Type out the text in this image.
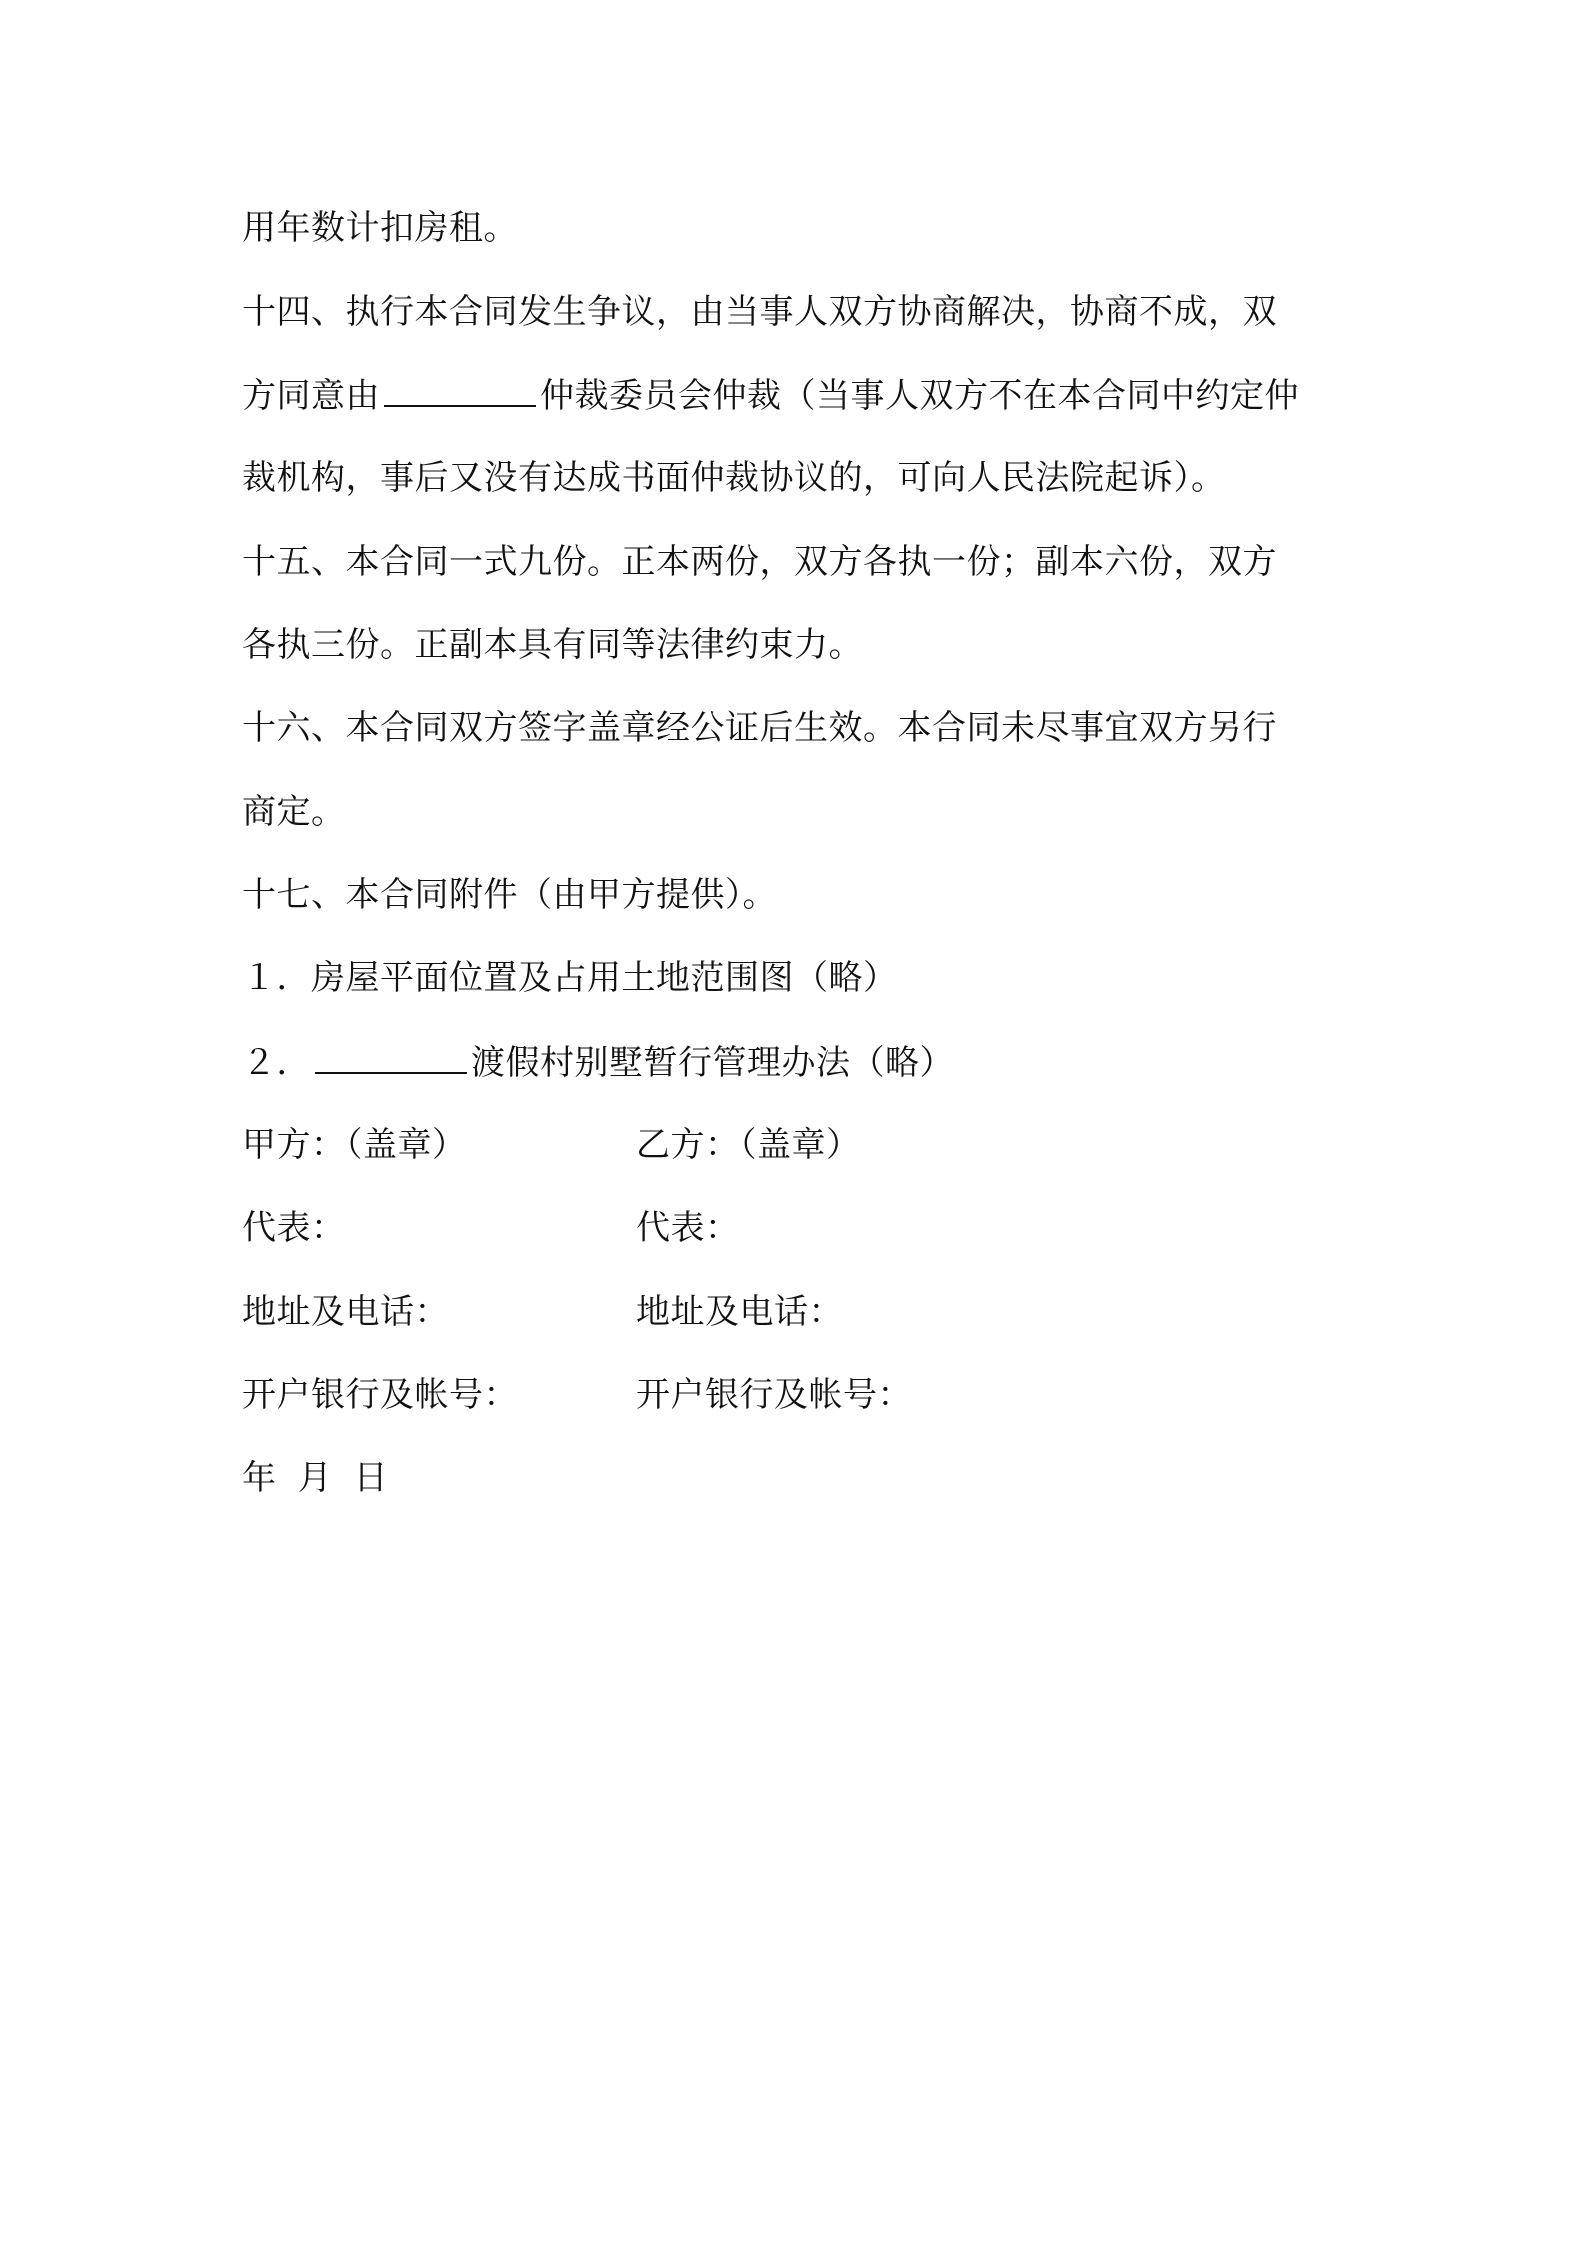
用年数计扣房租。
十四、执行本合同发生争议，由当事人双方协商解决，协商不成，双
方同意由	仲裁委员会仲裁（当事人双方不在本合同中约定仲
裁机构，事后又没有达成书面仲裁协议的，可向人民法院起诉）。
十五、本合同一式九份。正本两份，双方各执一份；副本六份，双方
各执三份。正副本具有同等法律约束力。
十六、本合同双方签字盖章经公证后生效。本合同未尽事宜双方另行
商定。
十七、本合同附件（由甲方提供）。
１．房屋平面位置及占用土地范围图（略）
２．	渡假村别墅暂行管理办法（略）
甲方：（盖章）	乙方：（盖章）
代表：	代表：
地址及电话：	地址及电话：
开户银行及帐号：	开户银行及帐号：
年 月 日
